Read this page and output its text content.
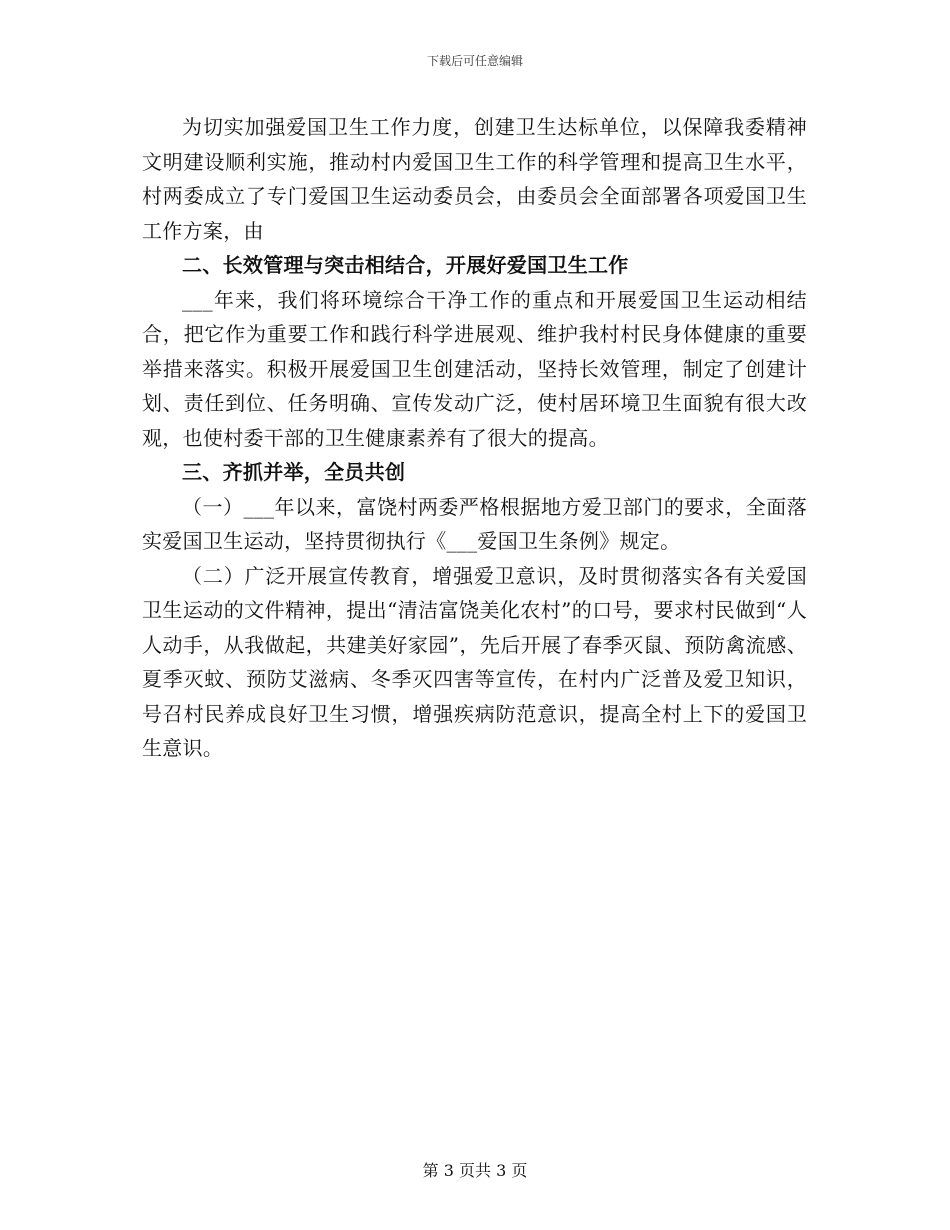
下载后可任意编辑

为切实加强爱国卫生工作力度，创建卫生达标单位，以保障我委精神文明建设顺利实施，推动村内爱国卫生工作的科学管理和提高卫生水平，村两委成立了专门爱国卫生运动委员会，由委员会全面部署各项爱国卫生工作方案，由

二、长效管理与突击相结合，开展好爱国卫生工作

___年来，我们将环境综合干净工作的重点和开展爱国卫生运动相结合，把它作为重要工作和践行科学进展观、维护我村村民身体健康的重要举措来落实。积极开展爱国卫生创建活动，坚持长效管理，制定了创建计划、责任到位、任务明确、宣传发动广泛，使村居环境卫生面貌有很大改观，也使村委干部的卫生健康素养有了很大的提高。

三、齐抓并举，全员共创

（一）___年以来，富饶村两委严格根据地方爱卫部门的要求，全面落实爱国卫生运动，坚持贯彻执行《___爱国卫生条例》规定。

（二）广泛开展宣传教育，增强爱卫意识，及时贯彻落实各有关爱国卫生运动的文件精神，提出“清洁富饶美化农村”的口号，要求村民做到“人人动手，从我做起，共建美好家园”，先后开展了春季灭鼠、预防禽流感、夏季灭蚊、预防艾滋病、冬季灭四害等宣传，在村内广泛普及爱卫知识，号召村民养成良好卫生习惯，增强疾病防范意识，提高全村上下的爱国卫生意识。

第 3 页共 3 页
